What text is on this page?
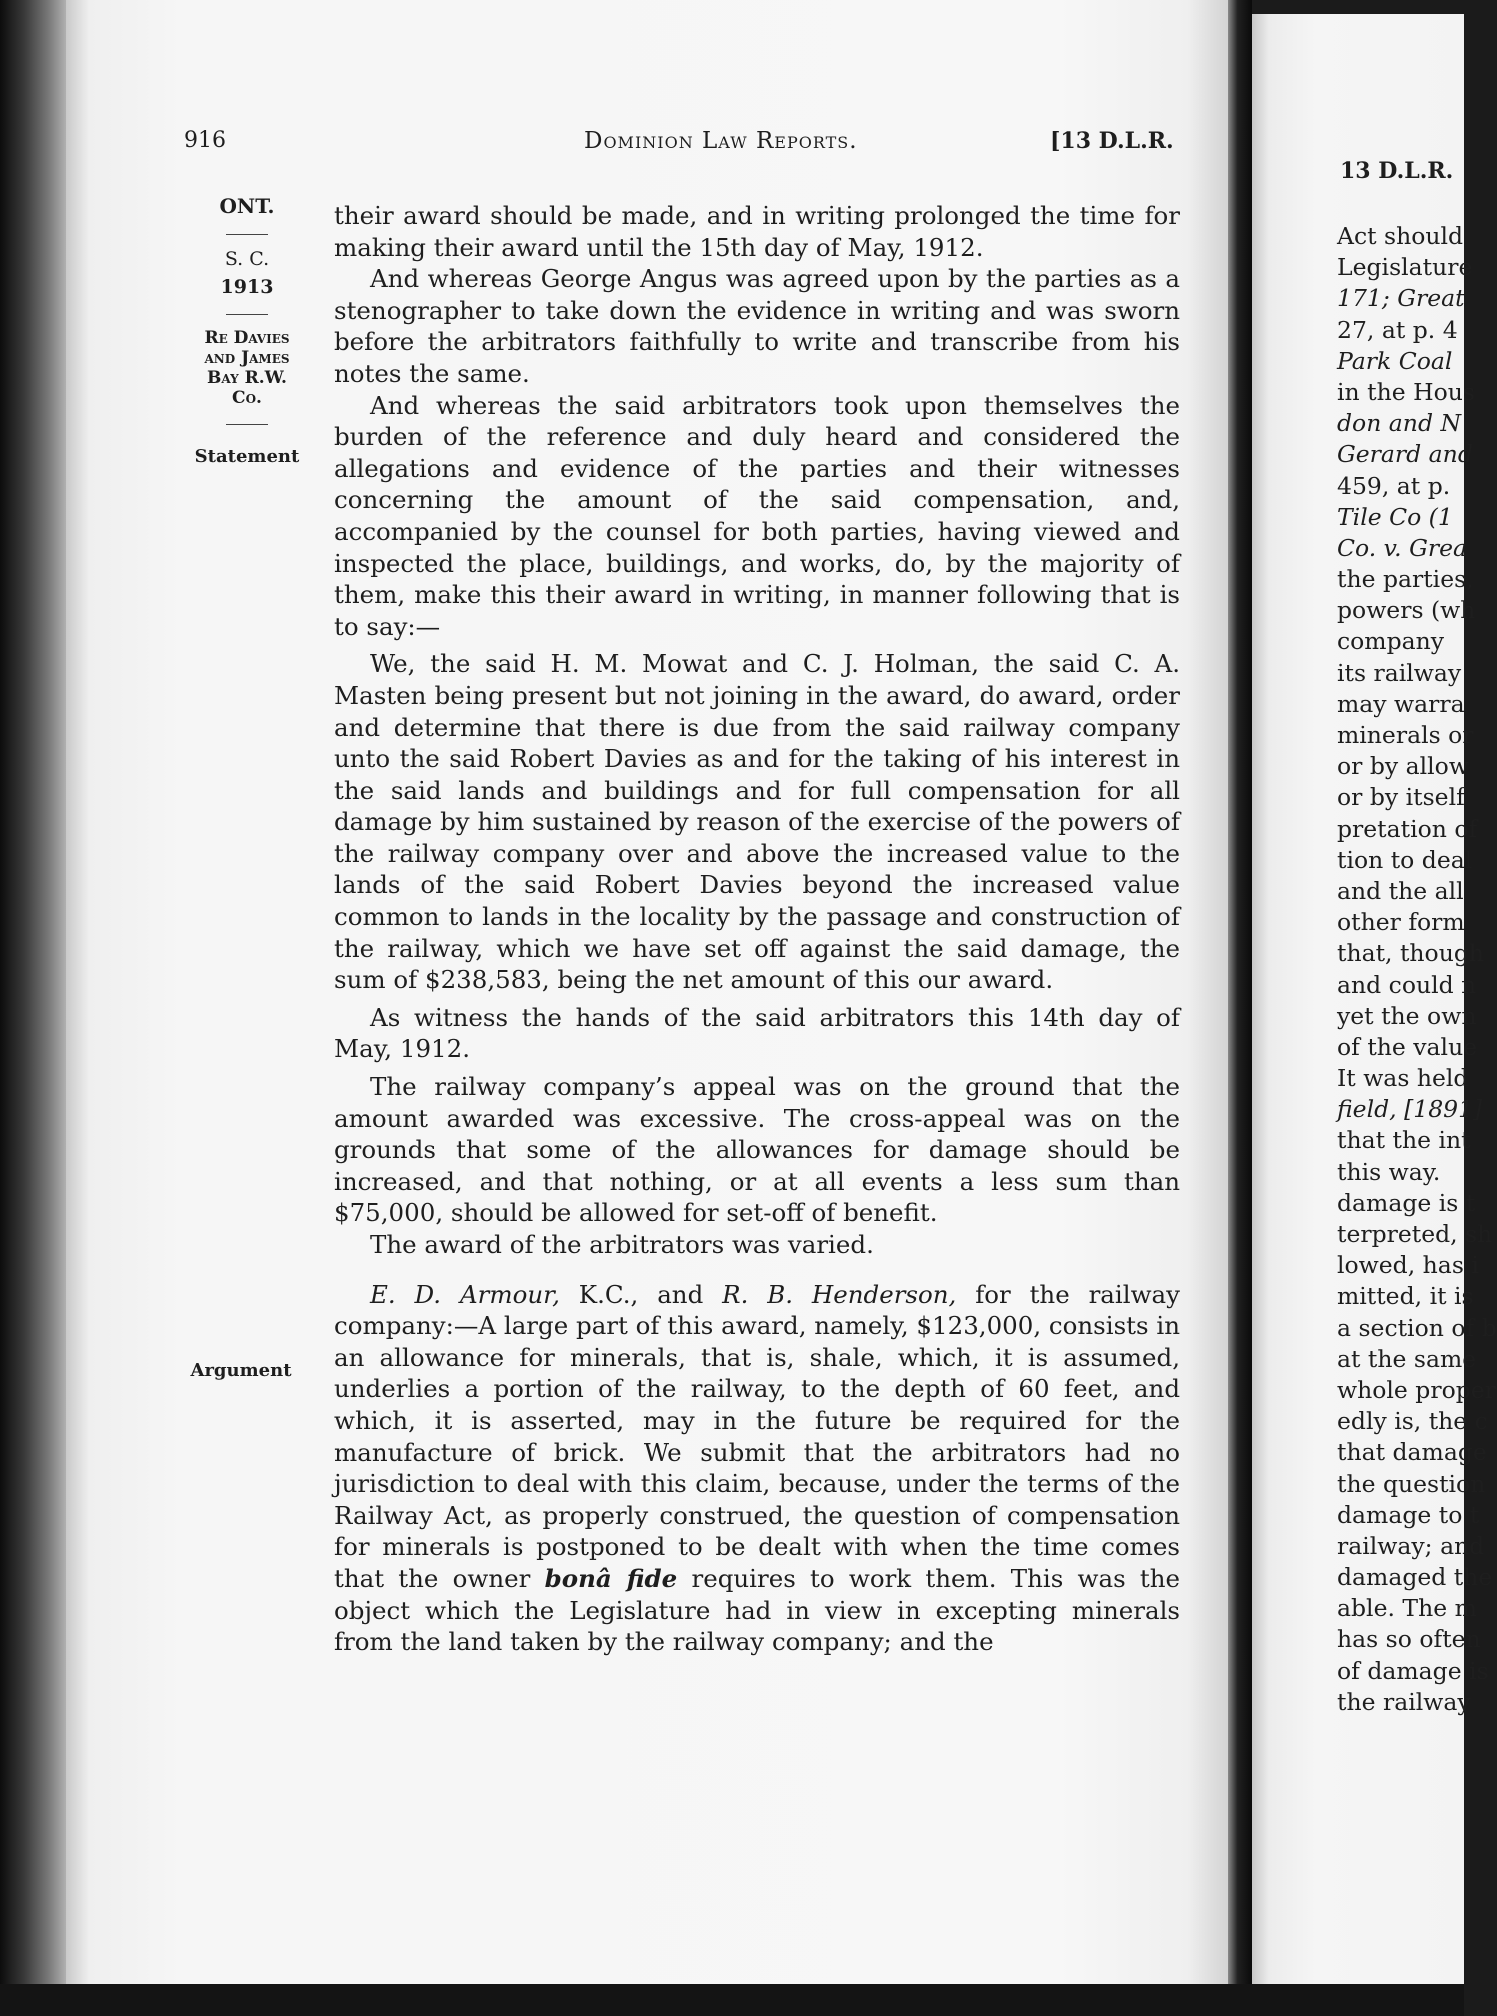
916	Dominion Law Reports.	[13 D.L.R.
ONT.
S. C.
1913
Re Davies
and James
Bay R.W.
Co.
Statement
Argument

their award should be made, and in writing prolonged the time for making their award until the 15th day of May, 1912.

And whereas George Angus was agreed upon by the parties as a stenographer to take down the evidence in writing and was sworn before the arbitrators faithfully to write and transcribe from his notes the same.

And whereas the said arbitrators took upon themselves the burden of the reference and duly heard and considered the allegations and evidence of the parties and their witnesses concerning the amount of the said compensation, and, accompanied by the counsel for both parties, having viewed and inspected the place, buildings, and works, do, by the majority of them, make this their award in writing, in manner following that is to say:—

We, the said H. M. Mowat and C. J. Holman, the said C. A. Masten being present but not joining in the award, do award, order and determine that there is due from the said railway company unto the said Robert Davies as and for the taking of his interest in the said lands and buildings and for full compensation for all damage by him sustained by reason of the exercise of the powers of the railway company over and above the increased value to the lands of the said Robert Davies beyond the increased value common to lands in the locality by the passage and construction of the railway, which we have set off against the said damage, the sum of $238,583, being the net amount of this our award.

As witness the hands of the said arbitrators this 14th day of May, 1912.

The railway company’s appeal was on the ground that the amount awarded was excessive. The cross-appeal was on the grounds that some of the allowances for damage should be increased, and that nothing, or at all events a less sum than $75,000, should be allowed for set-off of benefit.

The award of the arbitrators was varied.

E. D. Armour, K.C., and R. B. Henderson, for the railway company:—A large part of this award, namely, $123,000, consists in an allowance for minerals, that is, shale, which, it is assumed, underlies a portion of the railway, to the depth of 60 feet, and which, it is asserted, may in the future be required for the manufacture of brick. We submit that the arbitrators had no jurisdiction to deal with this claim, because, under the terms of the Railway Act, as properly construed, the question of compensation for minerals is postponed to be dealt with when the time comes that the owner bonâ fide requires to work them. This was the object which the Legislature had in view in excepting minerals from the land taken by the railway company; and the

13 D.L.R.
Act should
Legislature
171; Great
27, at p. 4
Park Coal
in the Hous
don and N
Gerard and
459, at p.
Tile Co (1
Co. v. Grea
the parties,
powers (wh
company
its railway
may warra
minerals or
or by allow
or by itself
pretation of
tion to deal
and the all
other form
that, though
and could n
yet the own
of the value
It was held
field, [1891]
that the int
this way.
damage is t
terpreted, sh
lowed, has i
mitted, it is
a section of b
at the same
whole proper
edly is, the c
that damage
the question
damage to t
railway; and
damaged the
able. The m
has so often
of damage is
the railway
